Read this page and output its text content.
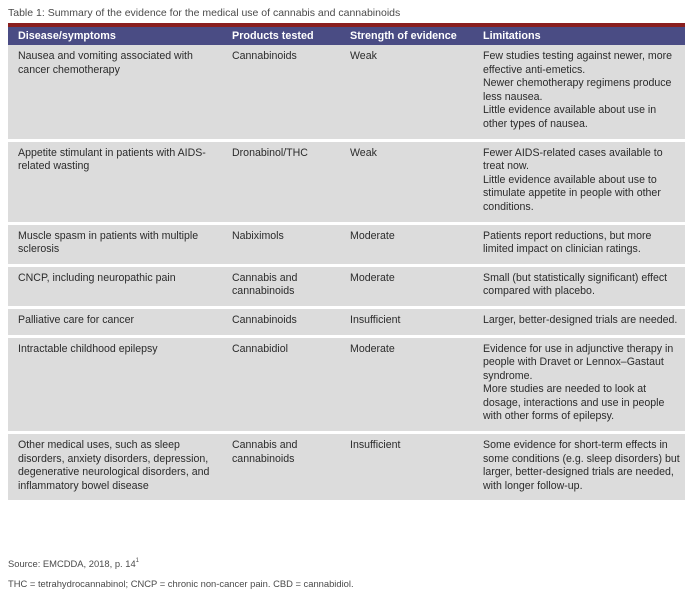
Table 1: Summary of the evidence for the medical use of cannabis and cannabinoids
Disease/symptoms	Products tested	Strength of evidence	Limitations
Nausea and vomiting associated with cancer chemotherapy	Cannabinoids	Weak	Few studies testing against newer, more effective anti-emetics.
Newer chemotherapy regimens produce less nausea.
Little evidence available about use in other types of nausea.

Appetite stimulant in patients with AIDS-related wasting	Dronabinol/THC	Weak	Fewer AIDS-related cases available to treat now.
Little evidence available about use to stimulate appetite in people with other conditions.

Muscle spasm in patients with multiple sclerosis	Nabiximols	Moderate	Patients report reductions, but more limited impact on clinician ratings.

CNCP, including neuropathic pain	Cannabis and cannabinoids	Moderate	Small (but statistically significant) effect compared with placebo.

Palliative care for cancer	Cannabinoids	Insufficient	Larger, better-designed trials are needed.

Intractable childhood epilepsy	Cannabidiol	Moderate	Evidence for use in adjunctive therapy in people with Dravet or Lennox–Gastaut syndrome.
More studies are needed to look at dosage, interactions and use in people with other forms of epilepsy.

Other medical uses, such as sleep disorders, anxiety disorders, depression, degenerative neurological disorders, and inflammatory bowel disease	Cannabis and cannabinoids	Insufficient	Some evidence for short-term effects in some conditions (e.g. sleep disorders) but larger, better-designed trials are needed, with longer follow-up.
Source: EMCDDA, 2018, p. $14^1$
THC = tetrahydrocannabinol; CNCP = chronic non-cancer pain. CBD = cannabidiol.
